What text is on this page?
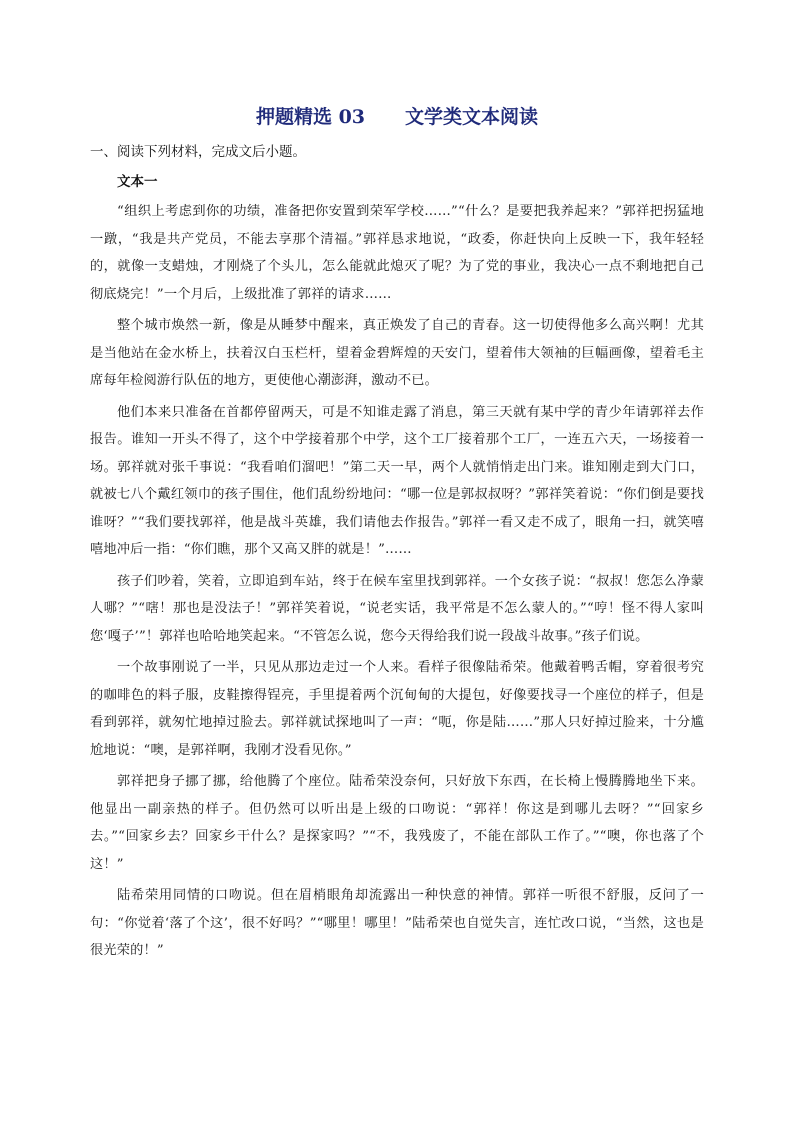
押题精选 03 文学类文本阅读
一、阅读下列材料，完成文后小题。
文本一

“组织上考虑到你的功绩，准备把你安置到荣军学校……”“什么？是要把我养起来？”郭祥把拐猛地一蹾，“我是共产党员，不能去享那个清福。”郭祥恳求地说，“政委，你赶快向上反映一下，我年轻轻的，就像一支蜡烛，才刚烧了个头儿，怎么能就此熄灭了呢？为了党的事业，我决心一点不剩地把自己彻底烧完！”一个月后，上级批准了郭祥的请求……

整个城市焕然一新，像是从睡梦中醒来，真正焕发了自己的青春。这一切使得他多么高兴啊！尤其是当他站在金水桥上，扶着汉白玉栏杆，望着金碧辉煌的天安门，望着伟大领袖的巨幅画像，望着毛主席每年检阅游行队伍的地方，更使他心潮澎湃，激动不已。

他们本来只准备在首都停留两天，可是不知谁走露了消息，第三天就有某中学的青少年请郭祥去作报告。谁知一开头不得了，这个中学接着那个中学，这个工厂接着那个工厂，一连五六天，一场接着一场。郭祥就对张千事说：“我看咱们溜吧！”第二天一早，两个人就悄悄走出门来。谁知刚走到大门口，就被七八个戴红领巾的孩子围住，他们乱纷纷地问：“哪一位是郭叔叔呀？”郭祥笑着说：“你们倒是要找谁呀？”“我们要找郭祥，他是战斗英雄，我们请他去作报告。”郭祥一看又走不成了，眼角一扫，就笑嘻嘻地冲后一指：“你们瞧，那个又高又胖的就是！”……

孩子们吵着，笑着，立即追到车站，终于在候车室里找到郭祥。一个女孩子说：“叔叔！您怎么净蒙人哪？”“嗐！那也是没法子！”郭祥笑着说，“说老实话，我平常是不怎么蒙人的。”“哼！怪不得人家叫您‘嘎子’”！郭祥也哈哈地笑起来。“不管怎么说，您今天得给我们说一段战斗故事。”孩子们说。

一个故事刚说了一半，只见从那边走过一个人来。看样子很像陆希荣。他戴着鸭舌帽，穿着很考究的咖啡色的料子服，皮鞋擦得锃亮，手里提着两个沉甸甸的大提包，好像要找寻一个座位的样子，但是看到郭祥，就匆忙地掉过脸去。郭祥就试探地叫了一声：“呃，你是陆……”那人只好掉过脸来，十分尴尬地说：“噢，是郭祥啊，我刚才没看见你。”

郭祥把身子挪了挪，给他腾了个座位。陆希荣没奈何，只好放下东西，在长椅上慢腾腾地坐下来。他显出一副亲热的样子。但仍然可以听出是上级的口吻说：“郭祥！你这是到哪儿去呀？”“回家乡去。”“回家乡去？回家乡干什么？是探家吗？”“不，我残废了，不能在部队工作了。”“噢，你也落了个这！”

陆希荣用同情的口吻说。但在眉梢眼角却流露出一种快意的神情。郭祥一听很不舒服，反问了一句：“你觉着‘落了个这’，很不好吗？”“哪里！哪里！”陆希荣也自觉失言，连忙改口说，“当然，这也是很光荣的！”
